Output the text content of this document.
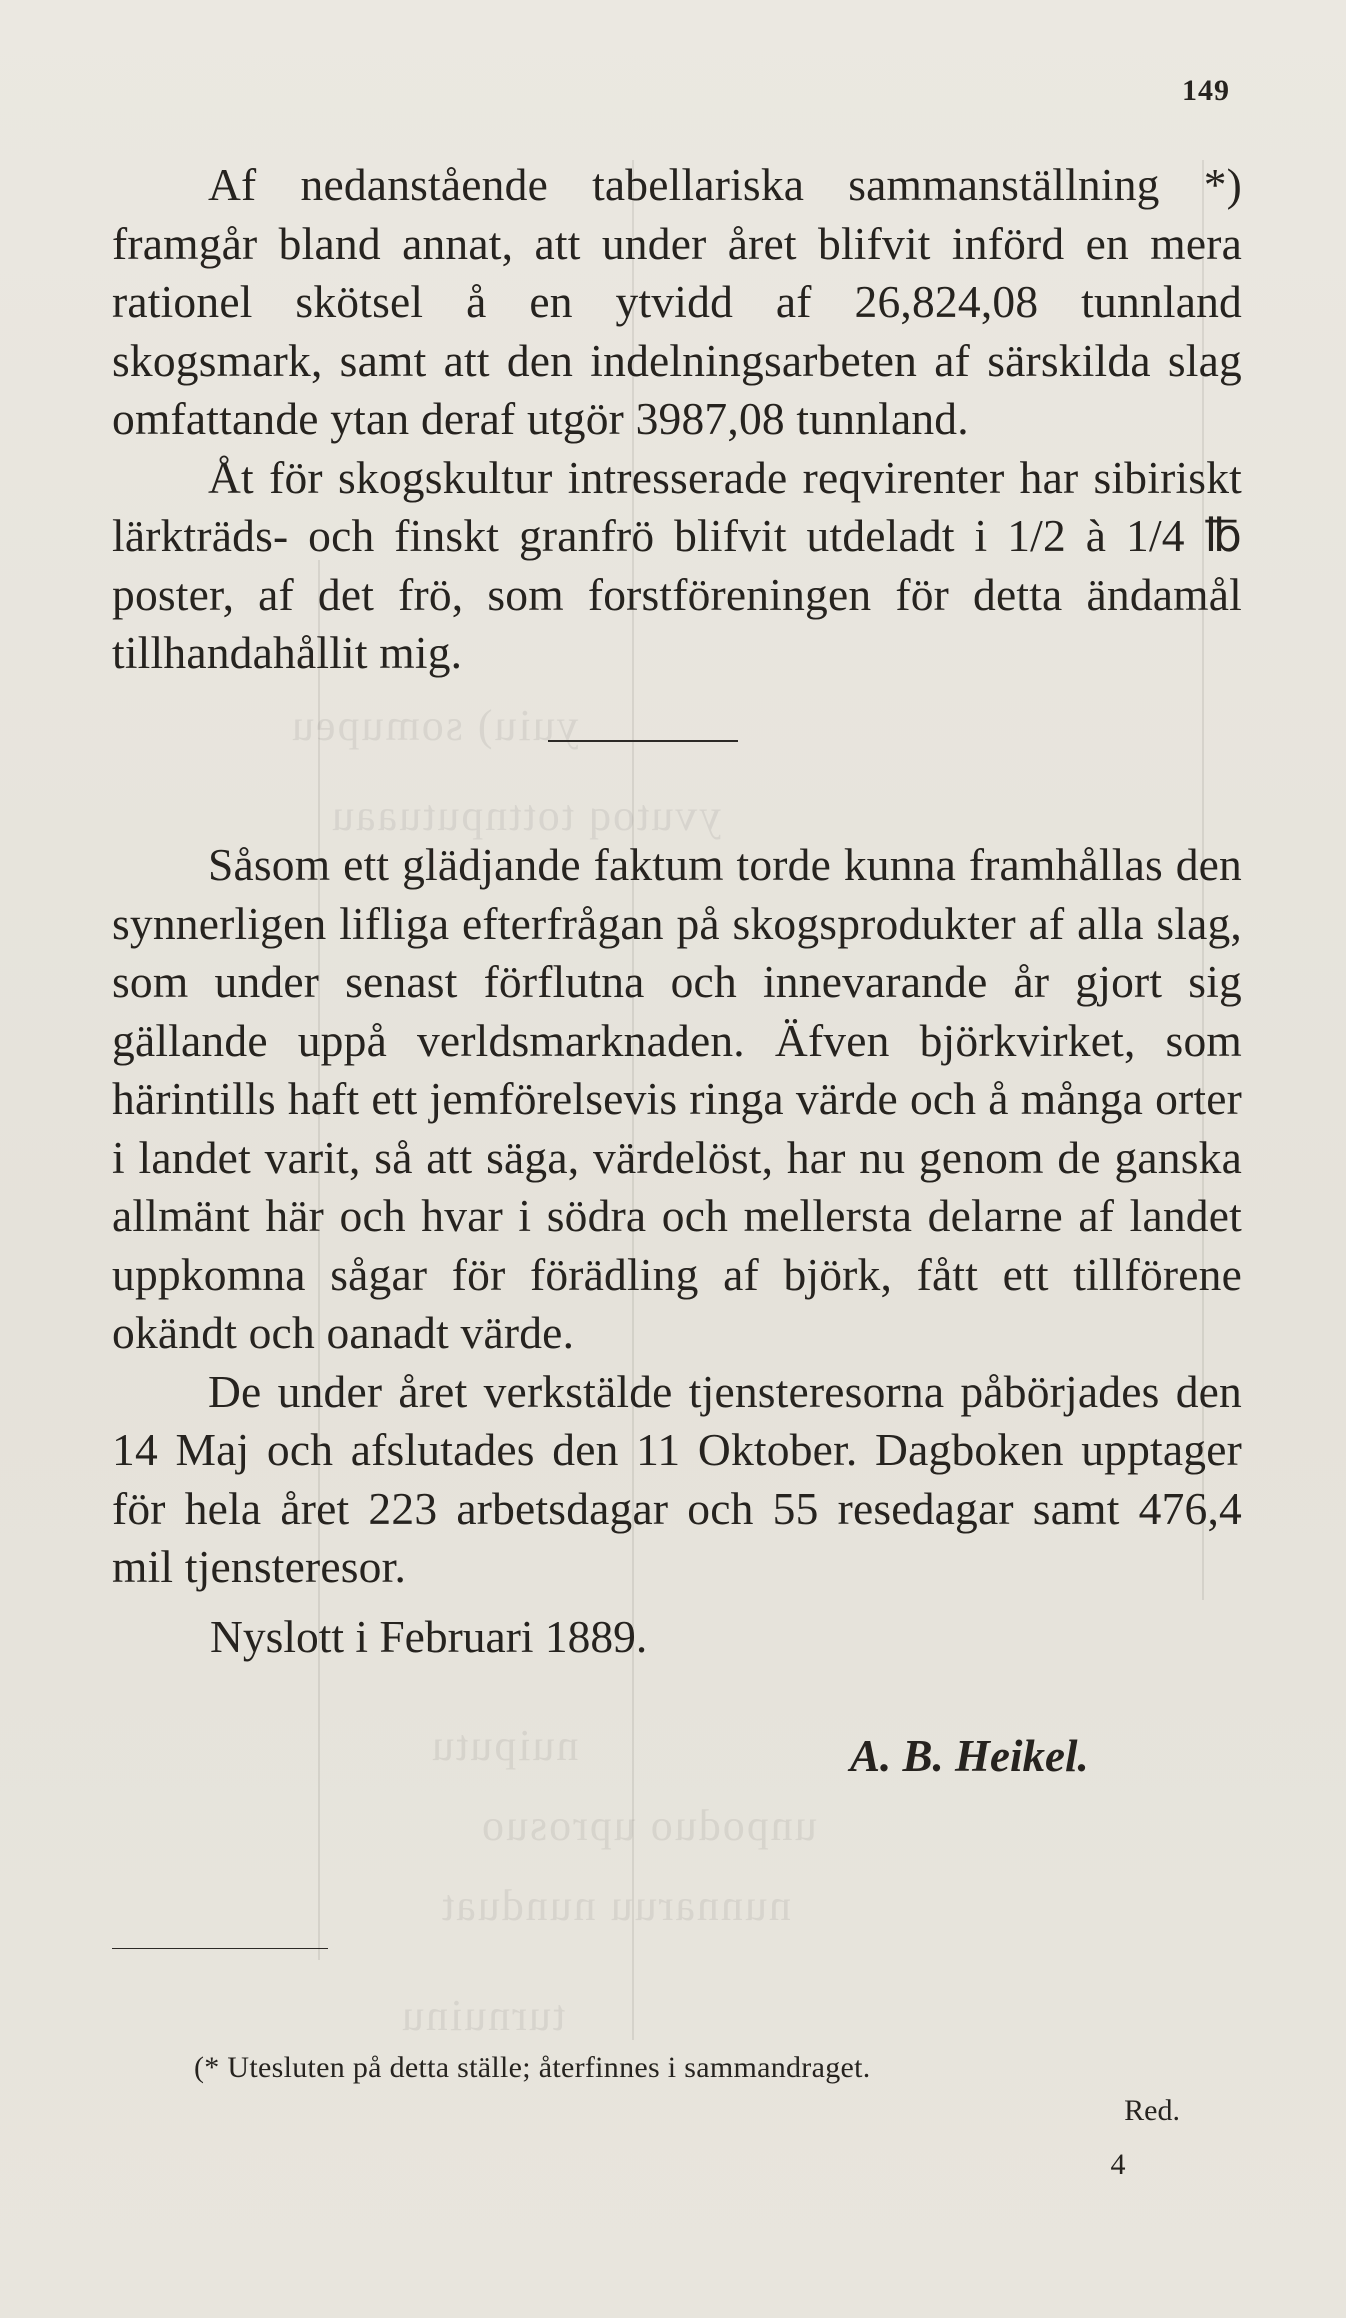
yuiu) somupeu
yvutoq tottnputuaau
nuiputu
unpoduo uprosuo
nunnaruu nunduat
turnuinu
149

Af nedanstående tabellariska sammanställning *) framgår bland annat, att under året blifvit införd en mera rationel skötsel å en ytvidd af 26,824,08 tunnland skogsmark, samt att den indelningsarbeten af särskilda slag omfattande ytan deraf utgör 3987,08 tunnland.

Åt för skogskultur intresserade reqvirenter har sibiriskt lärkträds- och finskt granfrö blifvit utdeladt i 1/2 à 1/4 ℔ poster, af det frö, som forstföreningen för detta ändamål tillhandahållit mig.

Såsom ett glädjande faktum torde kunna framhållas den synnerligen lifliga efterfrågan på skogsprodukter af alla slag, som under senast förflutna och innevarande år gjort sig gällande uppå verldsmarknaden. Äfven björkvirket, som härintills haft ett jemförelsevis ringa värde och å många orter i landet varit, så att säga, värdelöst, har nu genom de ganska allmänt här och hvar i södra och mellersta delarne af landet uppkomna sågar för förädling af björk, fått ett tillförene okändt och oanadt värde.

De under året verkstälde tjensteresorna påbörjades den 14 Maj och afslutades den 11 Oktober. Dagboken upptager för hela året 223 arbetsdagar och 55 resedagar samt 476,4 mil tjensteresor.

Nyslott i Februari 1889.
A. B. Heikel.
(* Utesluten på detta ställe; återfinnes i sammandraget.
Red.
4
